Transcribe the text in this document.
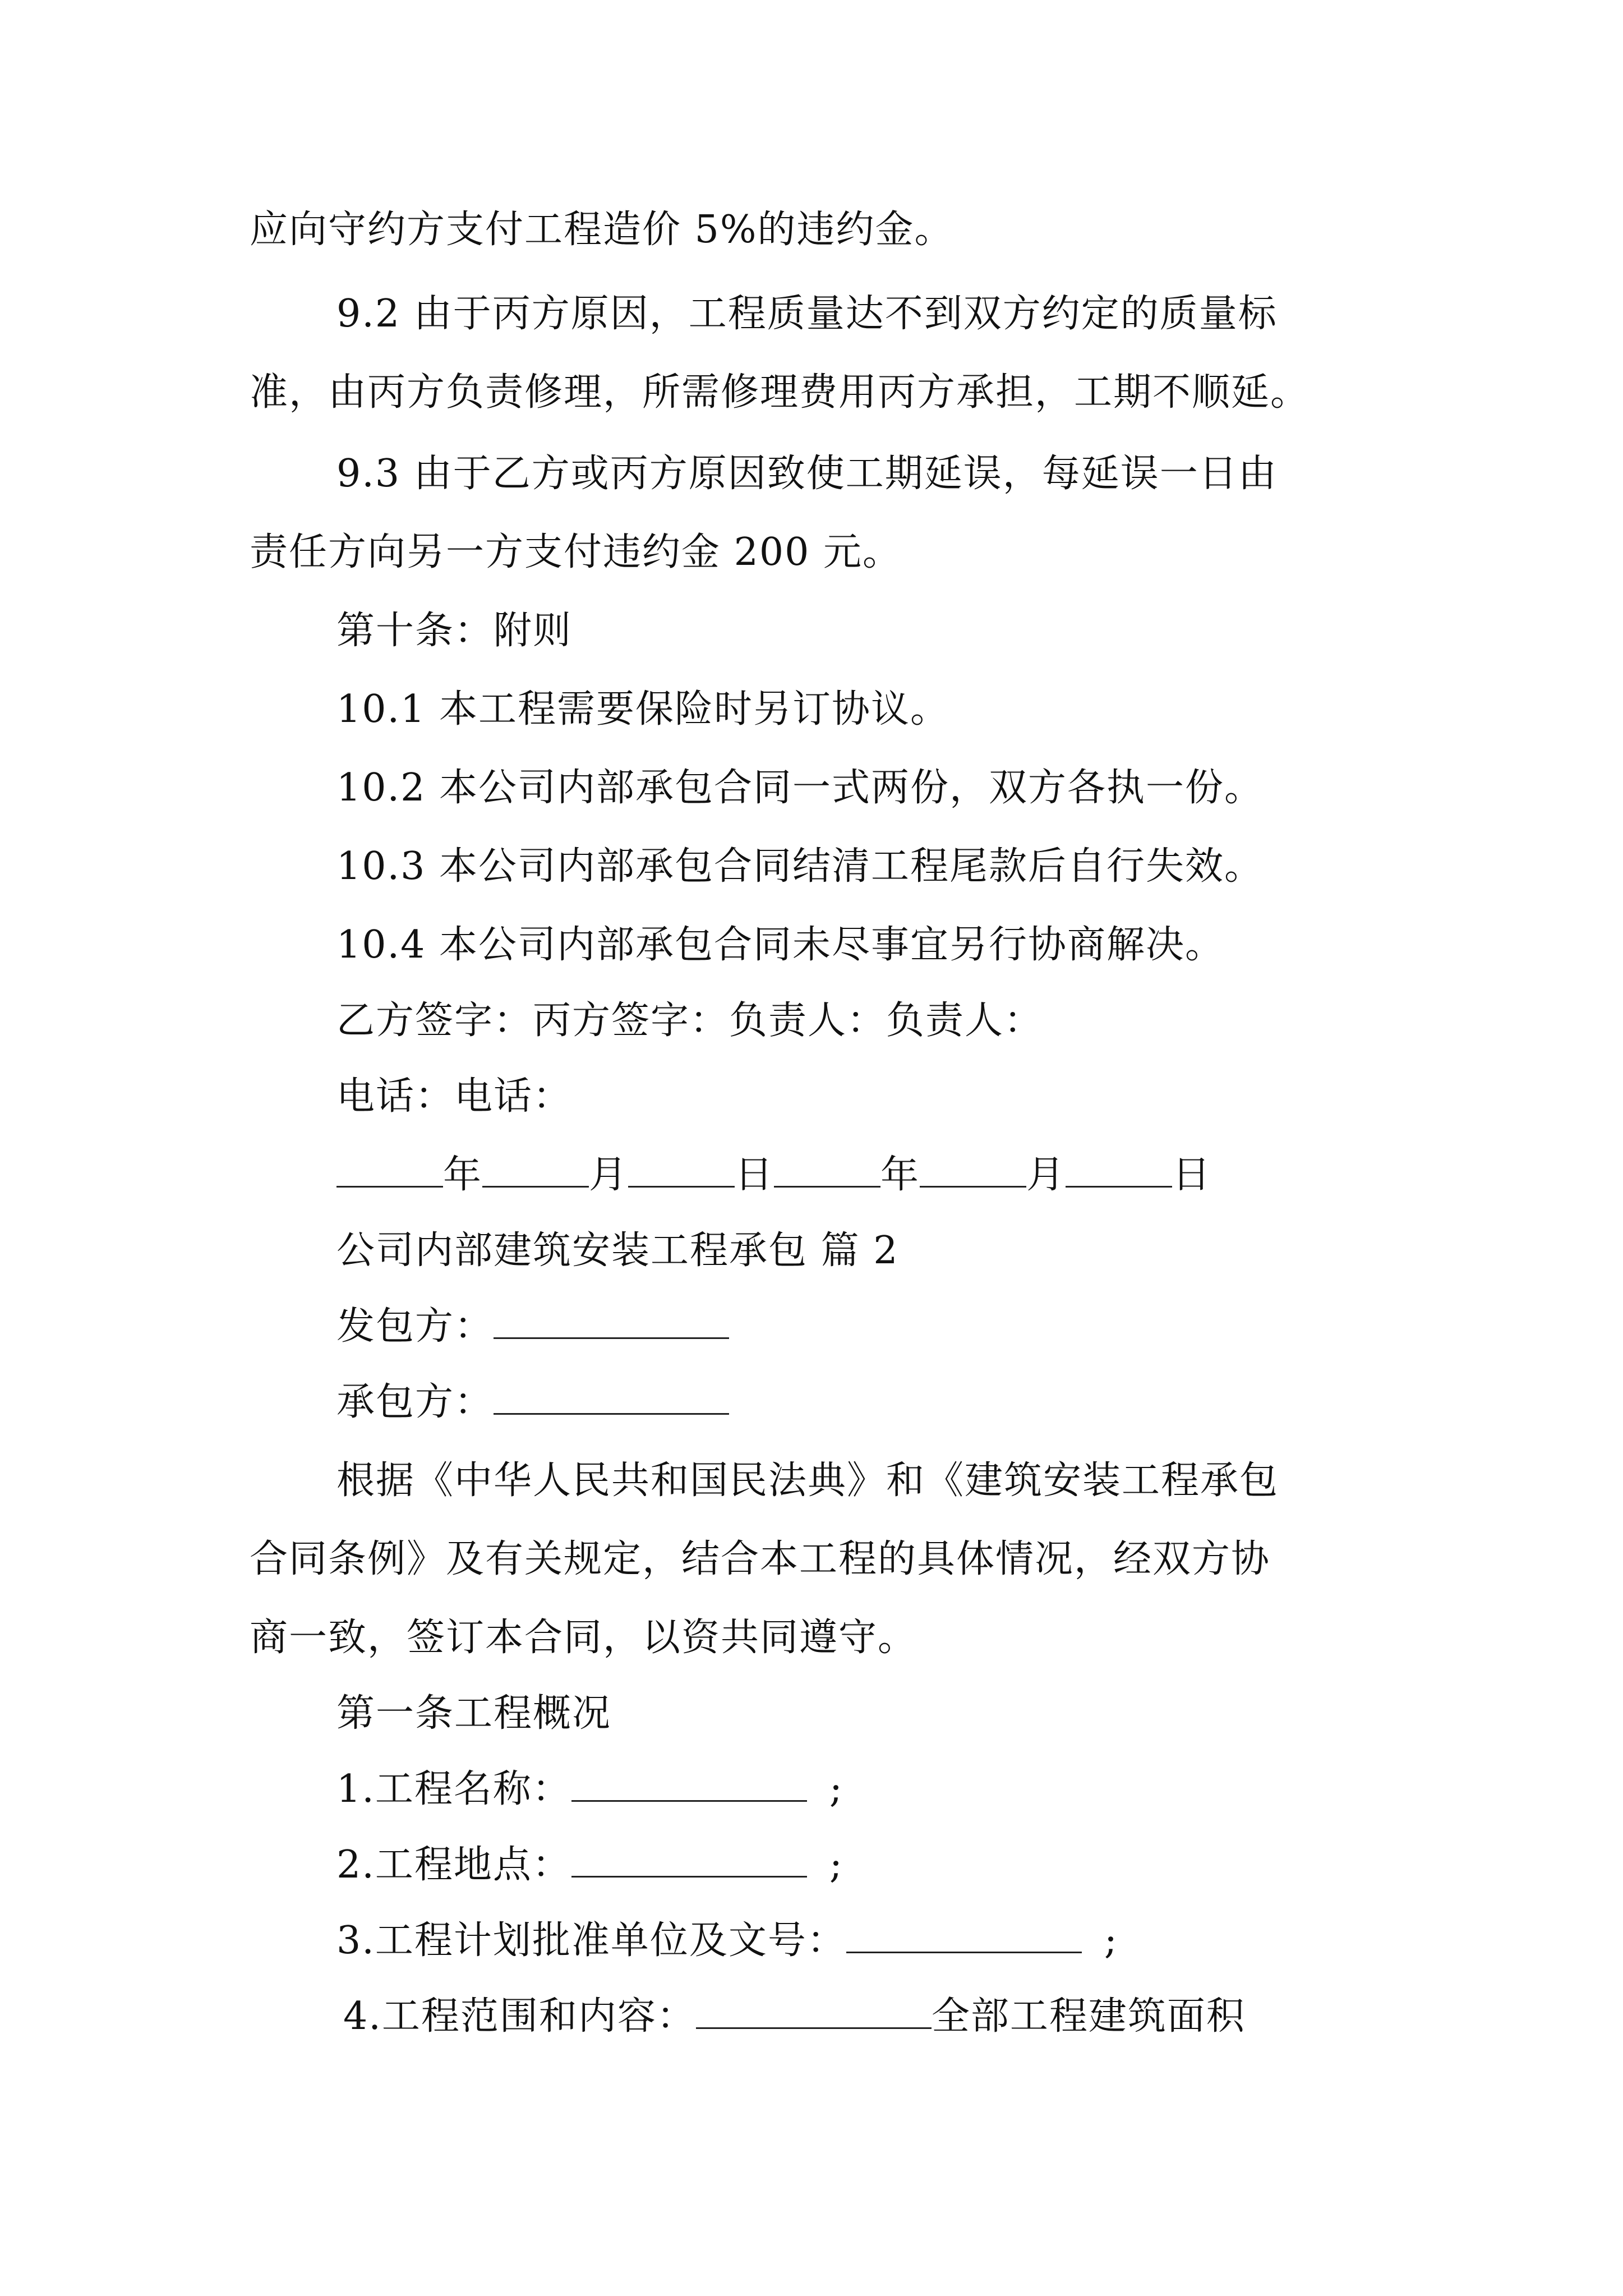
应向守约方支付工程造价 5%的违约金。
9.2 由于丙方原因，工程质量达不到双方约定的质量标
准，由丙方负责修理，所需修理费用丙方承担，工期不顺延。
9.3 由于乙方或丙方原因致使工期延误，每延误一日由
责任方向另一方支付违约金 200 元。
第十条：附则
10.1 本工程需要保险时另订协议。
10.2 本公司内部承包合同一式两份，双方各执一份。
10.3 本公司内部承包合同结清工程尾款后自行失效。
10.4 本公司内部承包合同未尽事宜另行协商解决。
乙方签字：丙方签字：负责人：负责人：
电话：电话：
年	月	日	年	月	日
公司内部建筑安装工程承包 篇 2
发包方：
承包方：
根据《中华人民共和国民法典》和《建筑安装工程承包
合同条例》及有关规定，结合本工程的具体情况，经双方协
商一致，签订本合同，以资共同遵守。
第一条工程概况
1.工程名称：	;
2.工程地点：	;
3.工程计划批准单位及文号：	;
4.工程范围和内容：	全部工程建筑面积
